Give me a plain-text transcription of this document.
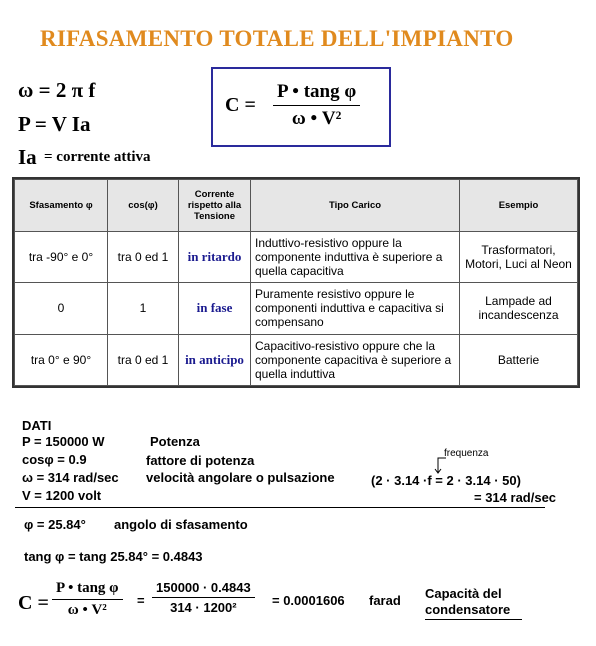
RIFASAMENTO TOTALE DELL'IMPIANTO
ω = 2 π f
P = V Ia
Ia = corrente attiva
$C = \frac{\text{P • tang φ}}{\text{ω • V²}}$
Sfasamento φ	cos(φ)	Corrente rispetto alla Tensione	Tipo Carico	Esempio
tra -90° e 0°	tra 0 ed 1	in ritardo	Induttivo-resistivo oppure la componente induttiva è superiore a quella capacitiva	Trasformatori, Motori, Luci al Neon
0	1	in fase	Puramente resistivo oppure le componenti induttiva e capacitiva si compensano	Lampade ad incandescenza
tra 0° e 90°	tra 0 ed 1	in anticipo	Capacitivo-resistivo oppure che la componente capacitiva è superiore a quella induttiva	Batterie
DATI
P = 150000 W	Potenza
cosφ = 0.9	fattore di potenza
ω = 314 rad/sec velocità angolare o pulsazione
frequenza
(2 · 3.14 ·f = 2 · 3.14 · 50)
V = 1200 volt	= 314 rad/sec
φ = 25.84° angolo di sfasamento
tang φ = tang 25.84° = 0.4843
$C = \frac{\text{P • tang φ}}{\text{ω • V²}} = \frac{150000 \cdot 0.4843}{\text{314 · 1200²}} = 0.0001606$ farad Capacità del
condensatore
